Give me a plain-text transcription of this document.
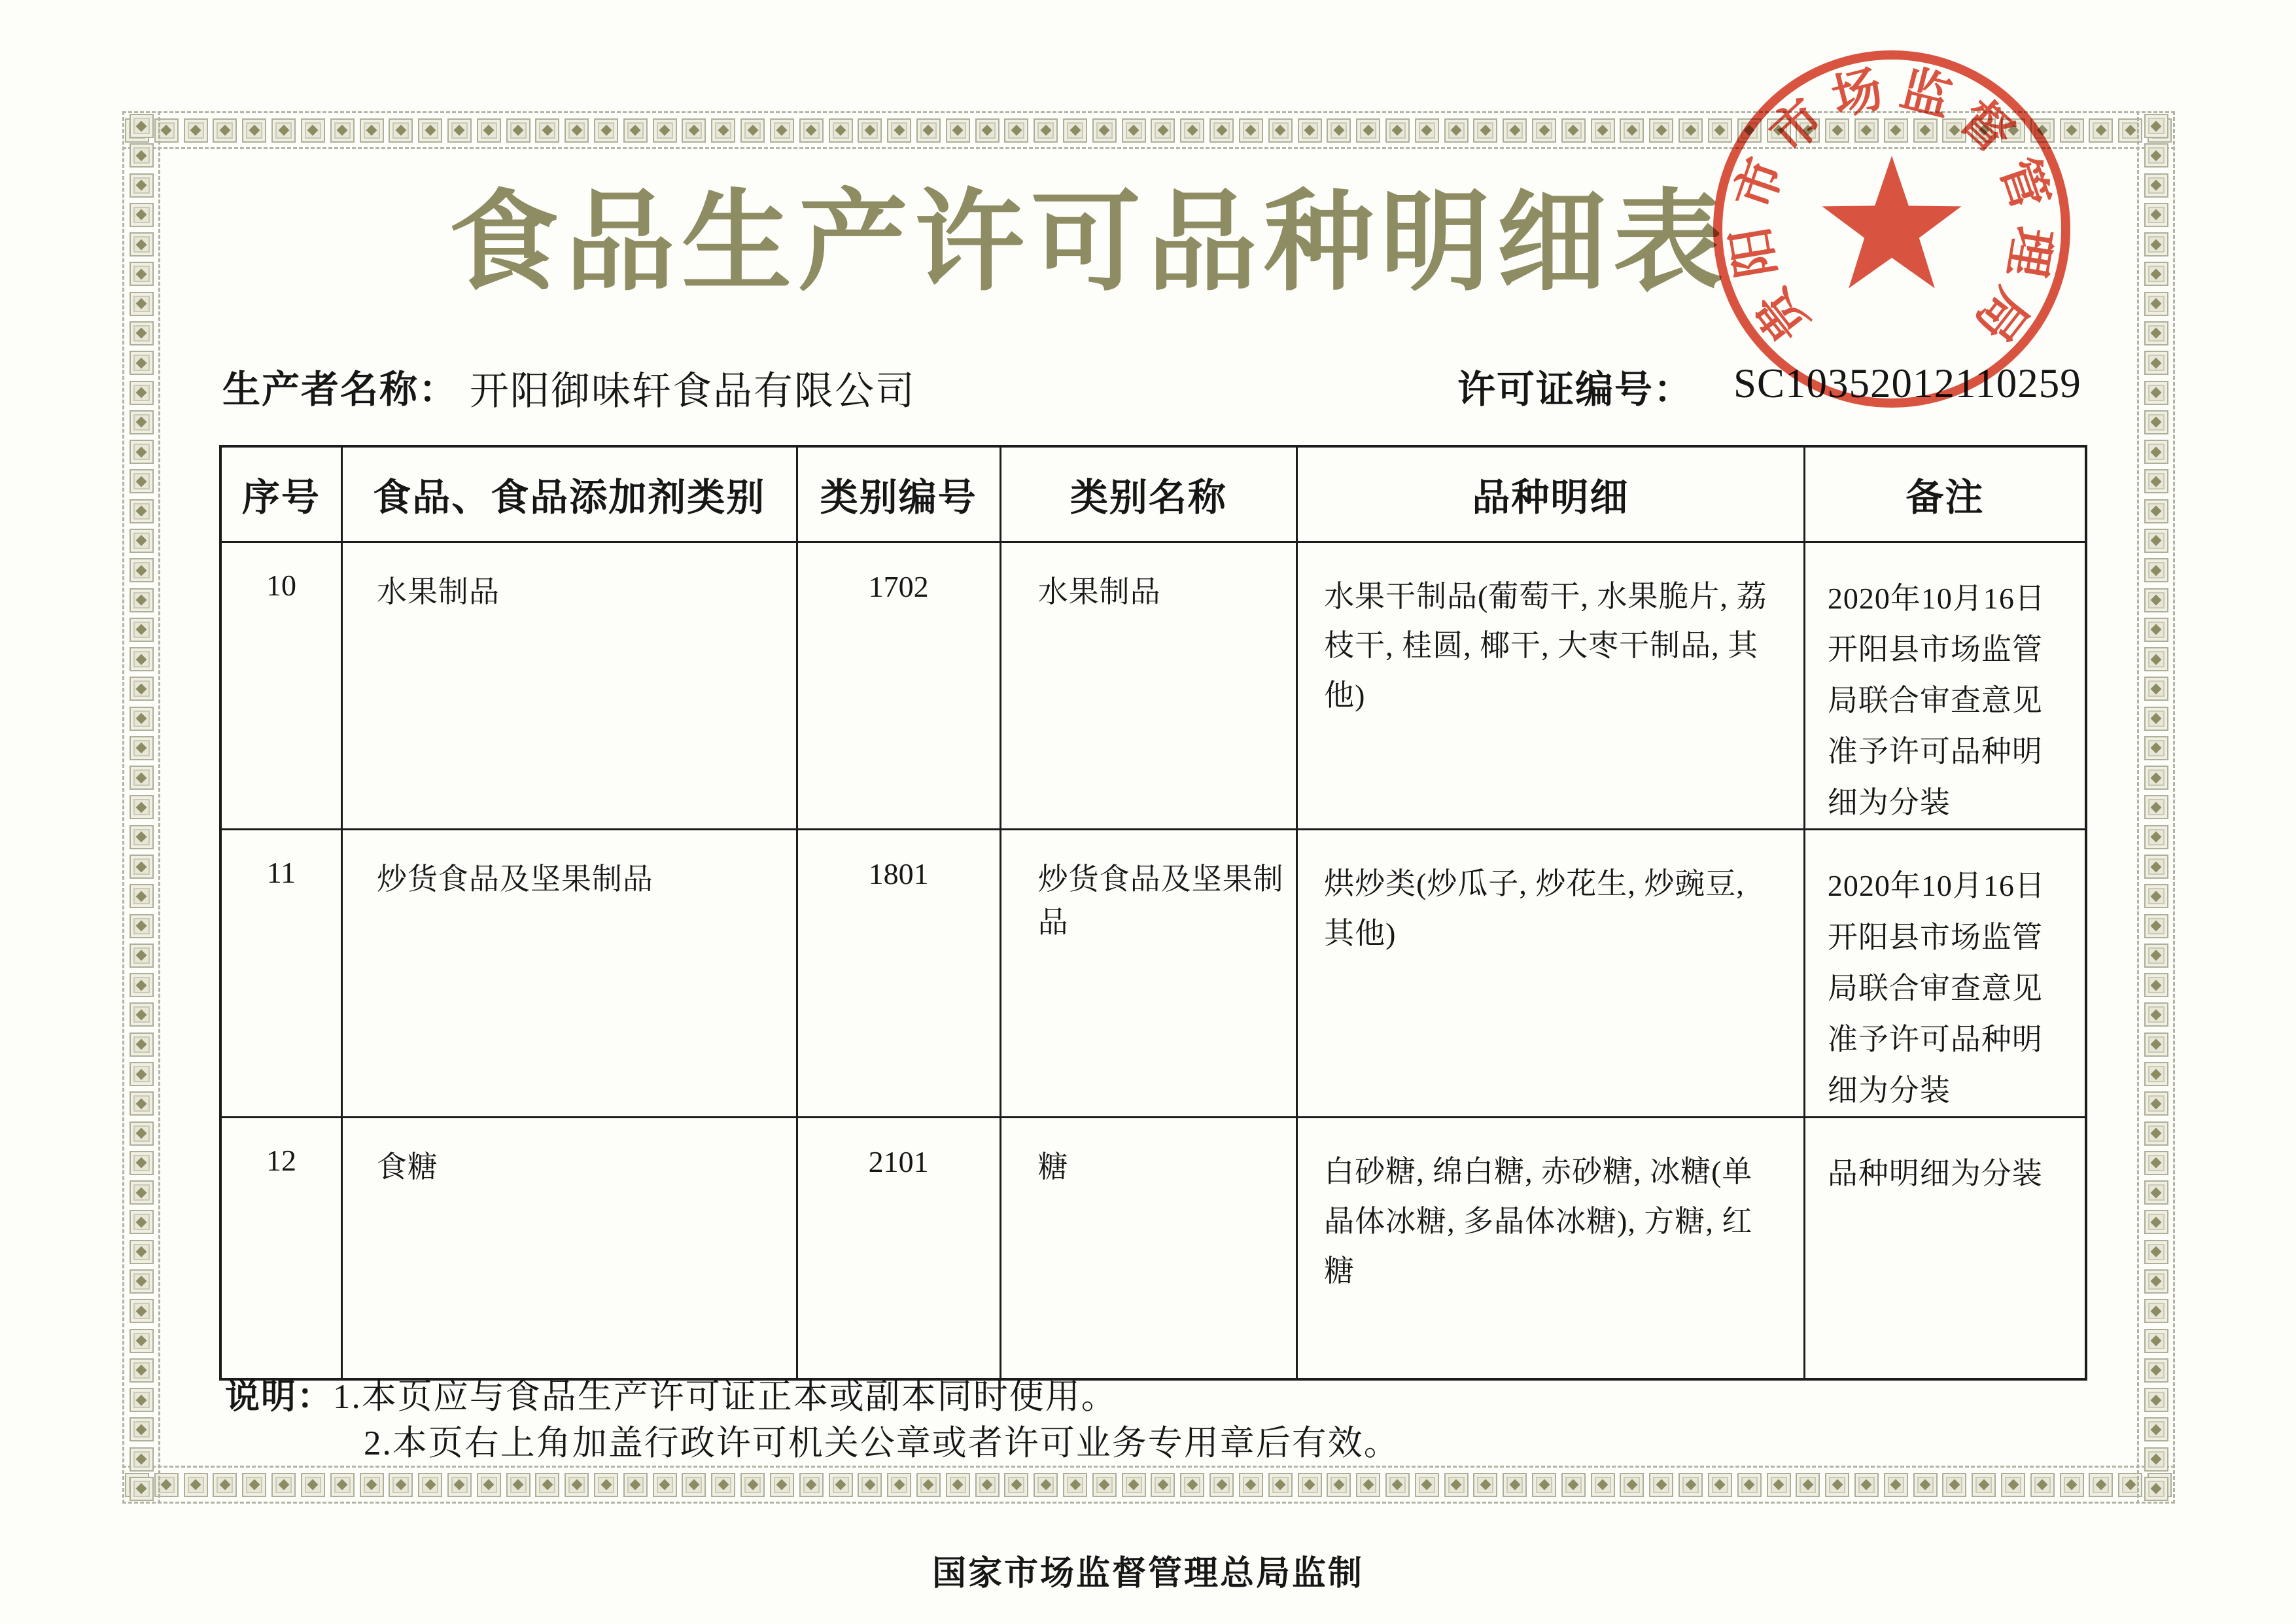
食品生产许可品种明细表
生产者名称： 开阳御味轩食品有限公司	许可证编号： SC10352012110259
贵
阳
市
市
场 监
督
管
理
局
序号	食品、食品添加剂类别	类别编号	类别名称	品种明细	备注
10	水果制品	1702	水果制品	水果干制品(葡萄干, 水果脆片, 荔枝干, 桂圆, 椰干, 大枣干制品, 其他)	2020年10月16日开阳县市场监管局联合审查意见准予许可品种明细为分装
11	炒货食品及坚果制品	1801	炒货食品及坚果制品	烘炒类(炒瓜子, 炒花生, 炒豌豆, 其他)	2020年10月16日开阳县市场监管局联合审查意见准予许可品种明细为分装
12	食糖	2101	糖	白砂糖, 绵白糖, 赤砂糖, 冰糖(单晶体冰糖, 多晶体冰糖), 方糖, 红糖	品种明细为分装
说明： 1.本页应与食品生产许可证正本或副本同时使用。
2.本页右上角加盖行政许可机关公章或者许可业务专用章后有效。
国家市场监督管理总局监制
